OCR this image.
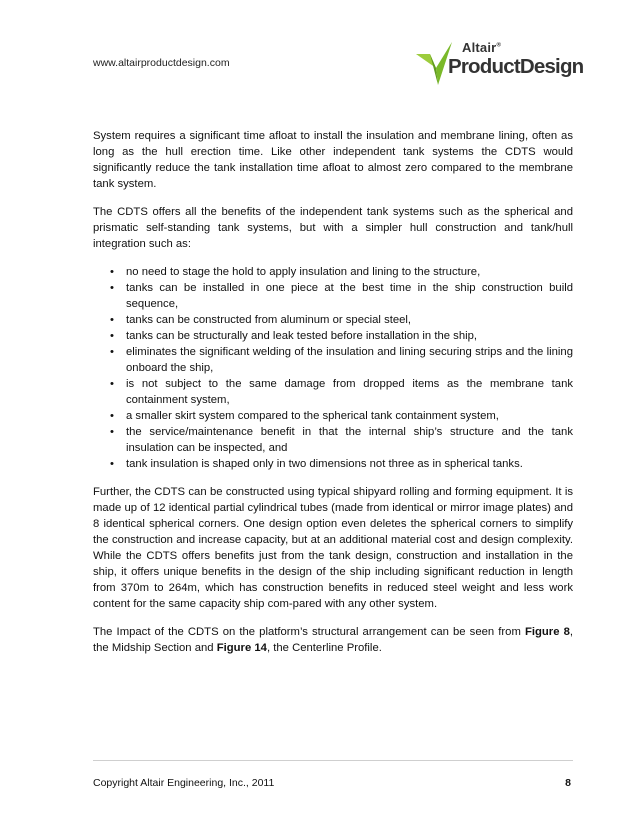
www.altairproductdesign.com
Altair®
ProductDesign

System requires a significant time afloat to install the insulation and membrane lining, often as long as the hull erection time. Like other independent tank systems the CDTS would significantly reduce the tank installation time afloat to almost zero compared to the membrane tank system.

The CDTS offers all the benefits of the independent tank systems such as the spherical and prismatic self-standing tank systems, but with a simpler hull construction and tank/hull integration such as:

• no need to stage the hold to apply insulation and lining to the structure,
• tanks can be installed in one piece at the best time in the ship construction build sequence,
• tanks can be constructed from aluminum or special steel,
• tanks can be structurally and leak tested before installation in the ship,
• eliminates the significant welding of the insulation and lining securing strips and the lining onboard the ship,
• is not subject to the same damage from dropped items as the membrane tank containment system,
• a smaller skirt system compared to the spherical tank containment system,
• the service/maintenance benefit in that the internal ship’s structure and the tank insulation can be inspected, and
• tank insulation is shaped only in two dimensions not three as in spherical tanks.

Further, the CDTS can be constructed using typical shipyard rolling and forming equipment. It is made up of 12 identical partial cylindrical tubes (made from identical or mirror image plates) and 8 identical spherical corners. One design option even deletes the spherical corners to simplify the construction and increase capacity, but at an additional material cost and design complexity. While the CDTS offers benefits just from the tank design, construction and installation in the ship, it offers unique benefits in the design of the ship including significant reduction in length from 370m to 264m, which has construction benefits in reduced steel weight and less work content for the same capacity ship com-pared with any other system.

The Impact of the CDTS on the platform’s structural arrangement can be seen from Figure 8, the Midship Section and Figure 14, the Centerline Profile.

Copyright Altair Engineering, Inc., 2011	8
